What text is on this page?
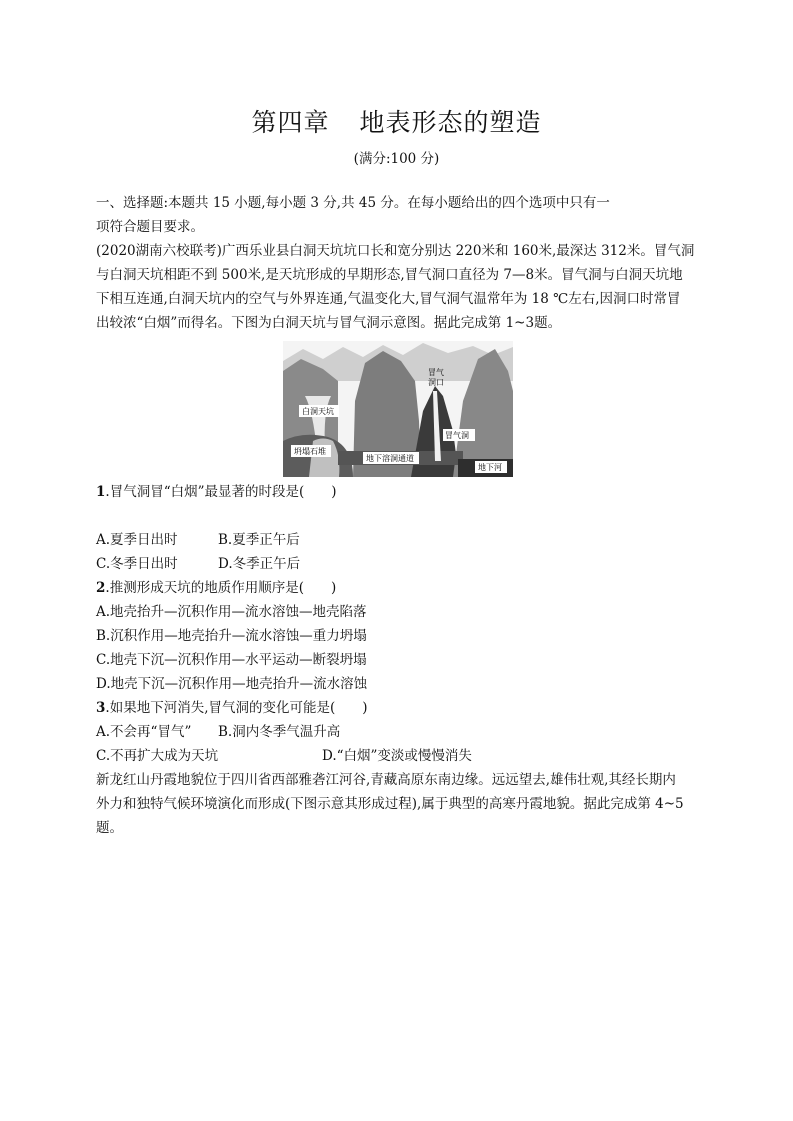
第四章 地表形态的塑造
(满分:100 分)
一、选择题:本题共 15 小题,每小题 3 分,共 45 分。在每小题给出的四个选项中只有一
项符合题目要求。
(2020湖南六校联考)广西乐业县白洞天坑坑口长和宽分别达 220米和 160米,最深达 312米。冒气洞
与白洞天坑相距不到 500米,是天坑形成的早期形态,冒气洞口直径为 7—8米。冒气洞与白洞天坑地
下相互连通,白洞天坑内的空气与外界连通,气温变化大,冒气洞气温常年为 18 ℃左右,因洞口时常冒
出较浓“白烟”而得名。下图为白洞天坑与冒气洞示意图。据此完成第 1~3题。
白洞天坑
坍塌石堆
冒气
洞口
冒气洞
地下溶洞通道
地下河
1.冒气洞冒“白烟”最显著的时段是(　　)
A.夏季日出时	B.夏季正午后
C.冬季日出时	D.冬季正午后
2.推测形成天坑的地质作用顺序是(　　)
A.地壳抬升—沉积作用—流水溶蚀—地壳陷落
B.沉积作用—地壳抬升—流水溶蚀—重力坍塌
C.地壳下沉—沉积作用—水平运动—断裂坍塌
D.地壳下沉—沉积作用—地壳抬升—流水溶蚀
3.如果地下河消失,冒气洞的变化可能是(　　)
A.不会再“冒气” B.洞内冬季气温升高
C.不再扩大成为天坑	D.“白烟”变淡或慢慢消失
新龙红山丹霞地貌位于四川省西部雅砻江河谷,青藏高原东南边缘。远远望去,雄伟壮观,其经长期内
外力和独特气候环境演化而形成(下图示意其形成过程),属于典型的高寒丹霞地貌。据此完成第 4~5
题。
